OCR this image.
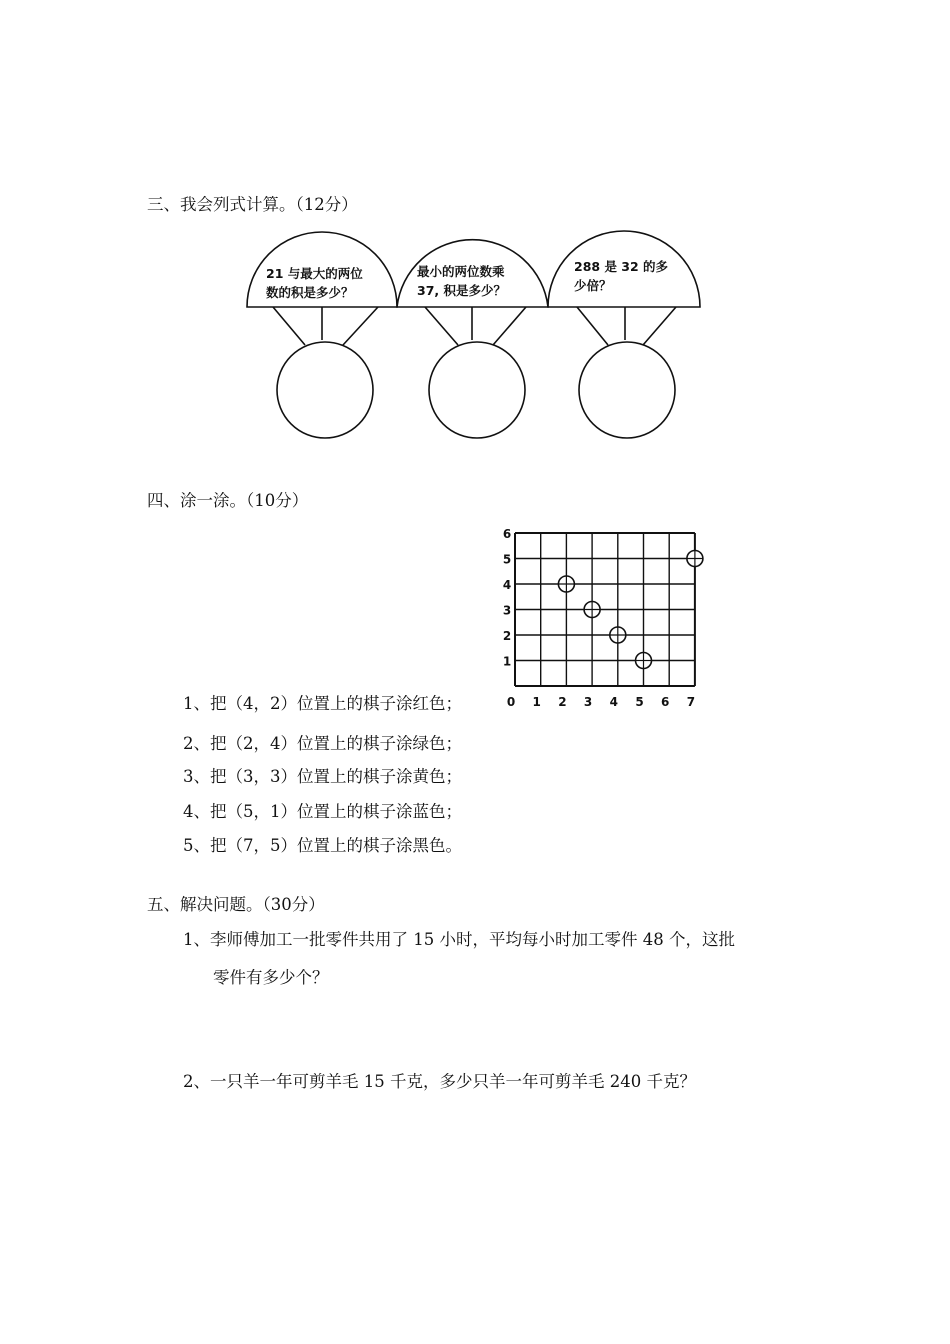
三、我会列式计算。（12分）
21 与最大的两位
数的积是多少？
最小的两位数乘
37, 积是多少？
288 是 32 的多
少倍？
四、涂一涂。（10分）
0 1 2 3 4 5 6 7
1
2
3
4
5
6
1、把（4，2）位置上的棋子涂红色；
2、把（2，4）位置上的棋子涂绿色；
3、把（3，3）位置上的棋子涂黄色；
4、把（5，1）位置上的棋子涂蓝色；
5、把（7，5）位置上的棋子涂黑色。
五、解决问题。（30分）
1、李师傅加工一批零件共用了 15 小时，平均每小时加工零件 48 个，这批
零件有多少个？
2、一只羊一年可剪羊毛 15 千克，多少只羊一年可剪羊毛 240 千克？
